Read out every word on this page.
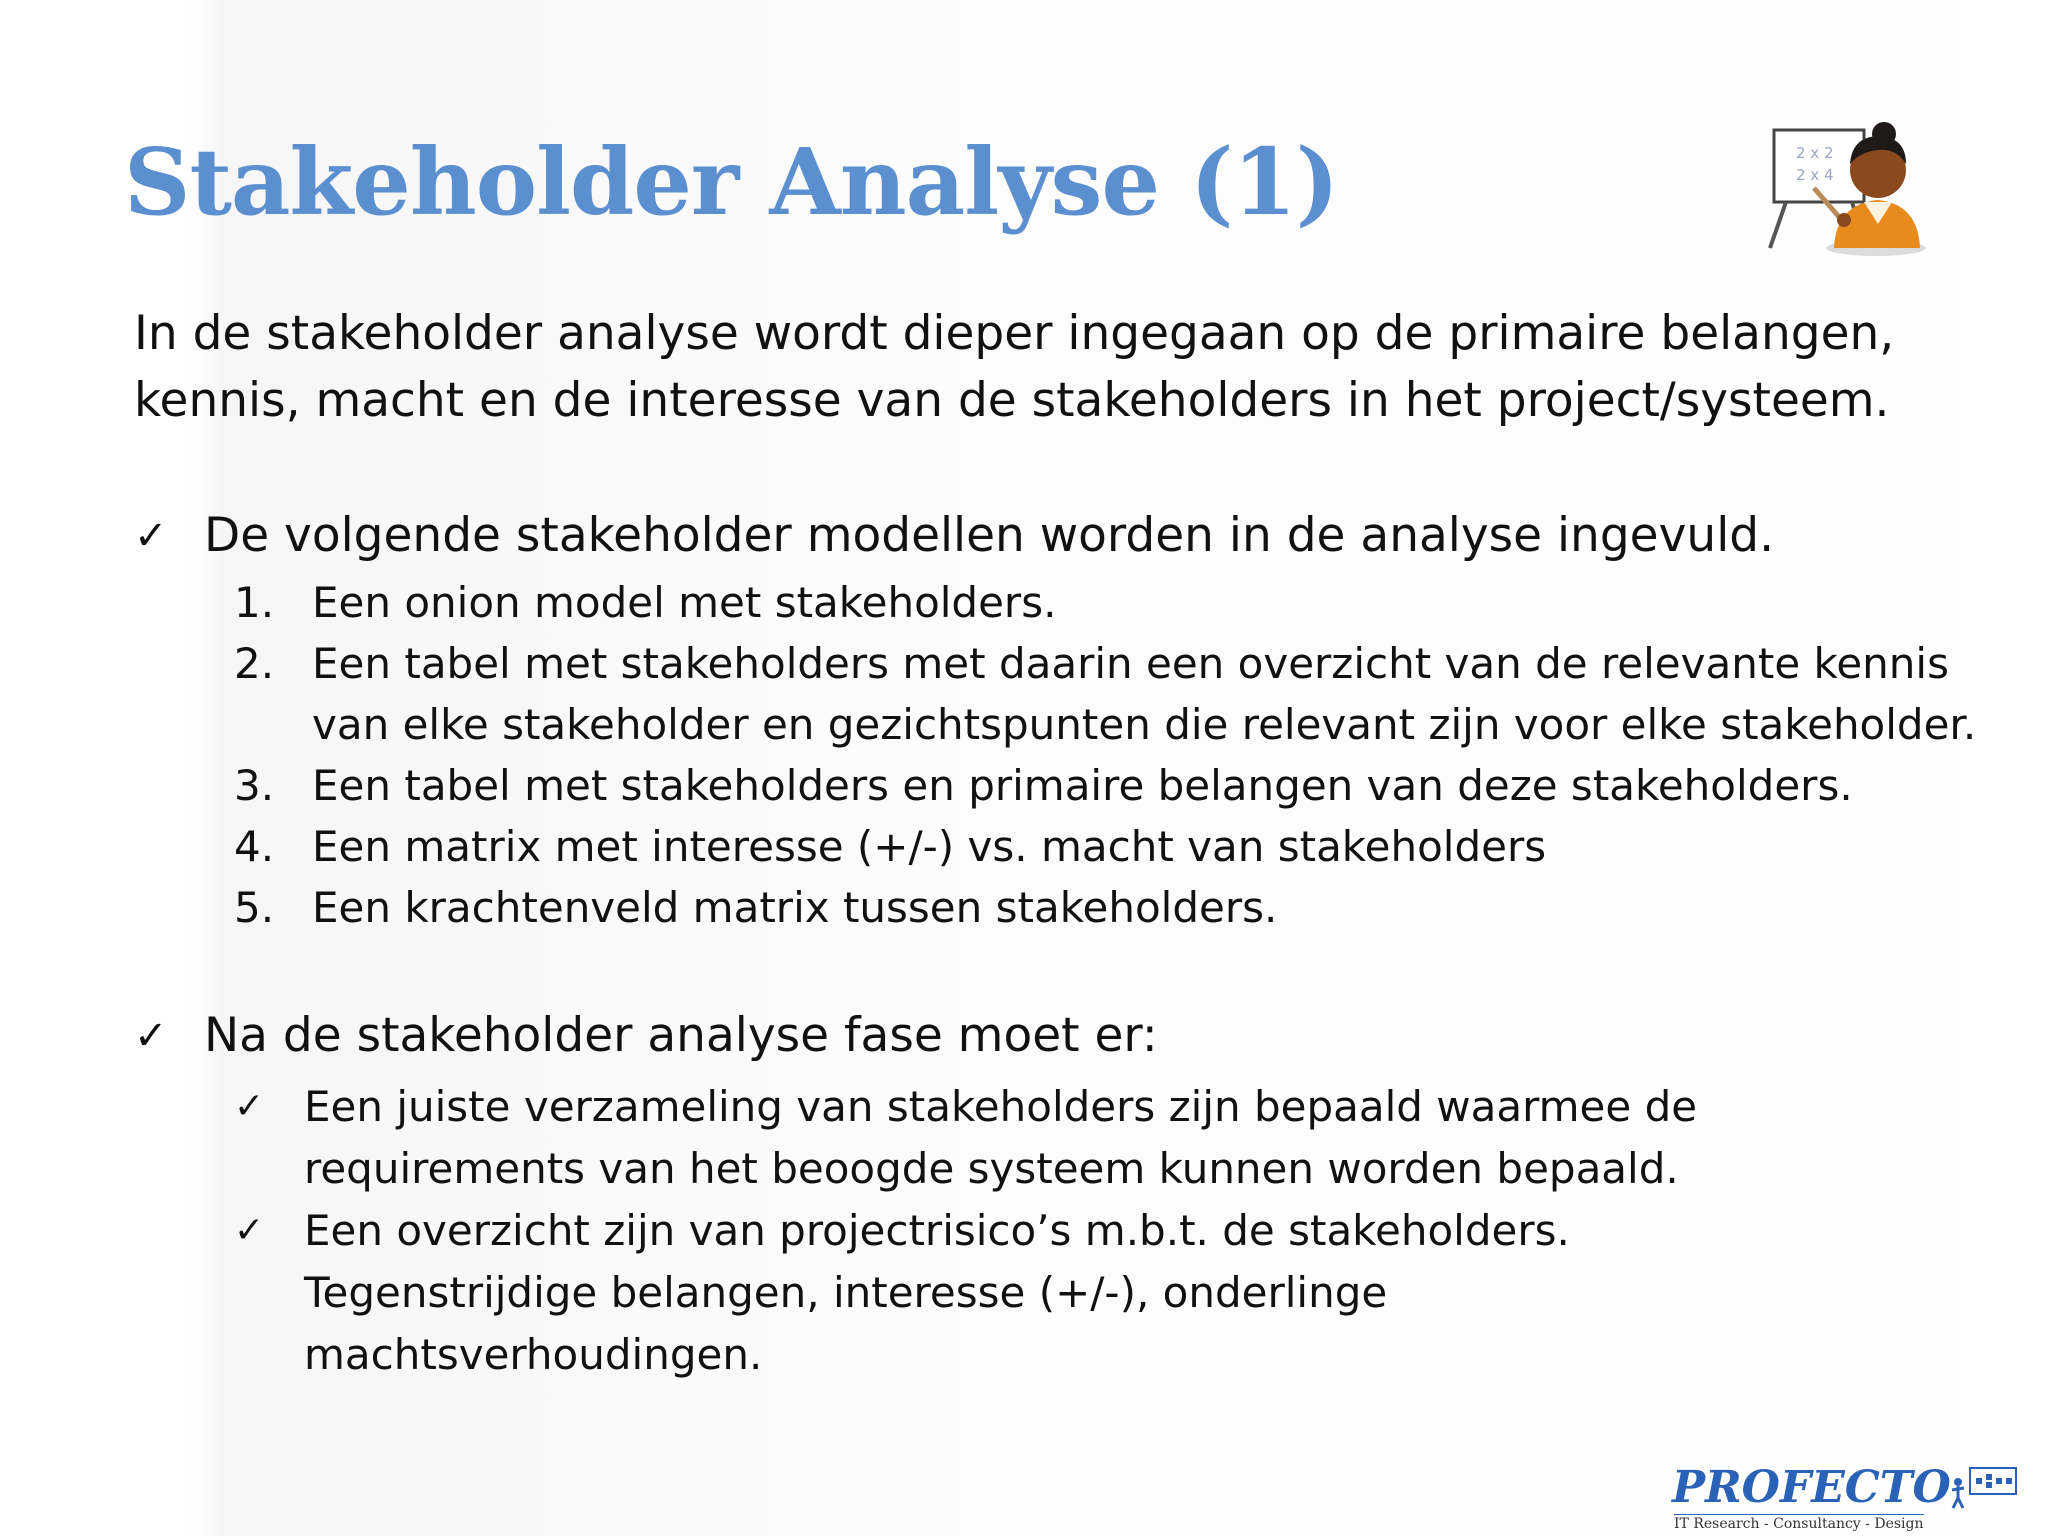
Stakeholder Analyse (1)	2 x 2
2 x 4
In de stakeholder analyse wordt dieper ingegaan op de primaire belangen,
kennis, macht en de interesse van de stakeholders in het project/systeem.
✓ De volgende stakeholder modellen worden in de analyse ingevuld.
1. Een onion model met stakeholders.
2. Een tabel met stakeholders met daarin een overzicht van de relevante kennis van elke stakeholder en gezichtspunten die relevant zijn voor elke stakeholder.
3. Een tabel met stakeholders en primaire belangen van deze stakeholders.
4. Een matrix met interesse (+/-) vs. macht van stakeholders
5. Een krachtenveld matrix tussen stakeholders.
✓ Na de stakeholder analyse fase moet er:
✓ Een juiste verzameling van stakeholders zijn bepaald waarmee de requirements van het beoogde systeem kunnen worden bepaald.
✓ Een overzicht zijn van projectrisico’s m.b.t. de stakeholders. Tegenstrijdige belangen, interesse (+/-), onderlinge machtsverhoudingen.
PROFECTO
IT Research - Consultancy - Design
